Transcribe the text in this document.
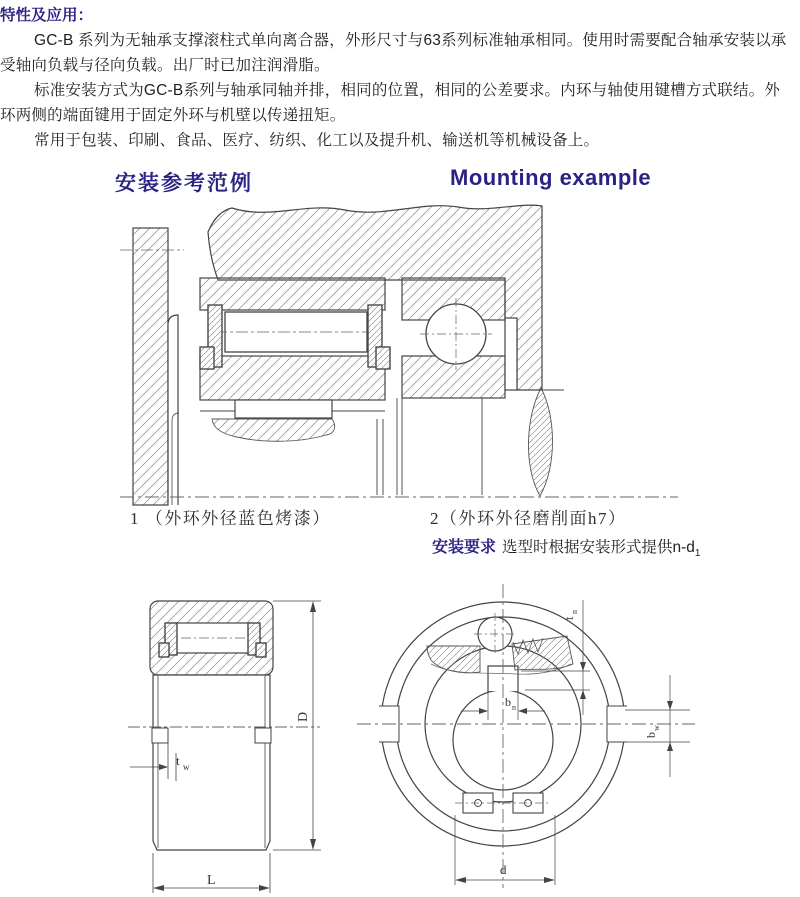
特性及应用：
GC-B 系列为无轴承支撑滚柱式单向离合器，外形尺寸与63系列标准轴承相同。使用时需要配合轴承安装以承
受轴向负载与径向负载。出厂时已加注润滑脂。
标准安装方式为GC-B系列与轴承同轴并排，相同的位置，相同的公差要求。内环与轴使用键槽方式联结。外
环两侧的端面键用于固定外环与机壁以传递扭矩。
常用于包装、印刷、食品、医疗、纺织、化工以及提升机、输送机等机械设备上。
安装参考范例	Mounting example
1 （外环外径蓝色烤漆）	2（外环外径磨削面h7）
安装要求 选型时根据安装形式提供$n-d_1$
t w
D
L
b n
t
n
b
w
d
